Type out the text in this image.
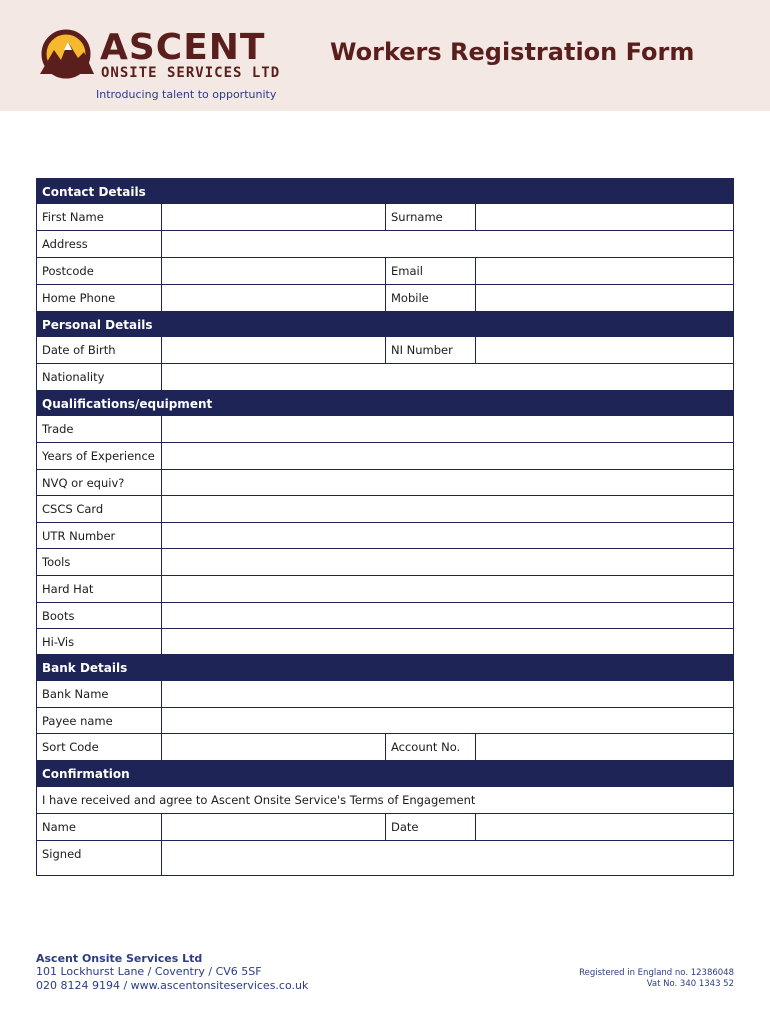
ASCENT
ONSITE SERVICES LTD
Introducing talent to opportunity
Workers Registration Form
Contact Details
First Name	Surname
Address
Postcode	Email
Home Phone	Mobile
Personal Details
Date of Birth	NI Number
Nationality
Qualifications/equipment
Trade
Years of Experience
NVQ or equiv?
CSCS Card
UTR Number
Tools
Hard Hat
Boots
Hi-Vis
Bank Details
Bank Name
Payee name
Sort Code	Account No.
Confirmation
I have received and agree to Ascent Onsite Service's Terms of Engagement
Name	Date
Signed
Ascent Onsite Services Ltd
101 Lockhurst Lane / Coventry / CV6 5SF
020 8124 9194 / www.ascentonsiteservices.co.uk
Registered in England no. 12386048
Vat No. 340 1343 52
